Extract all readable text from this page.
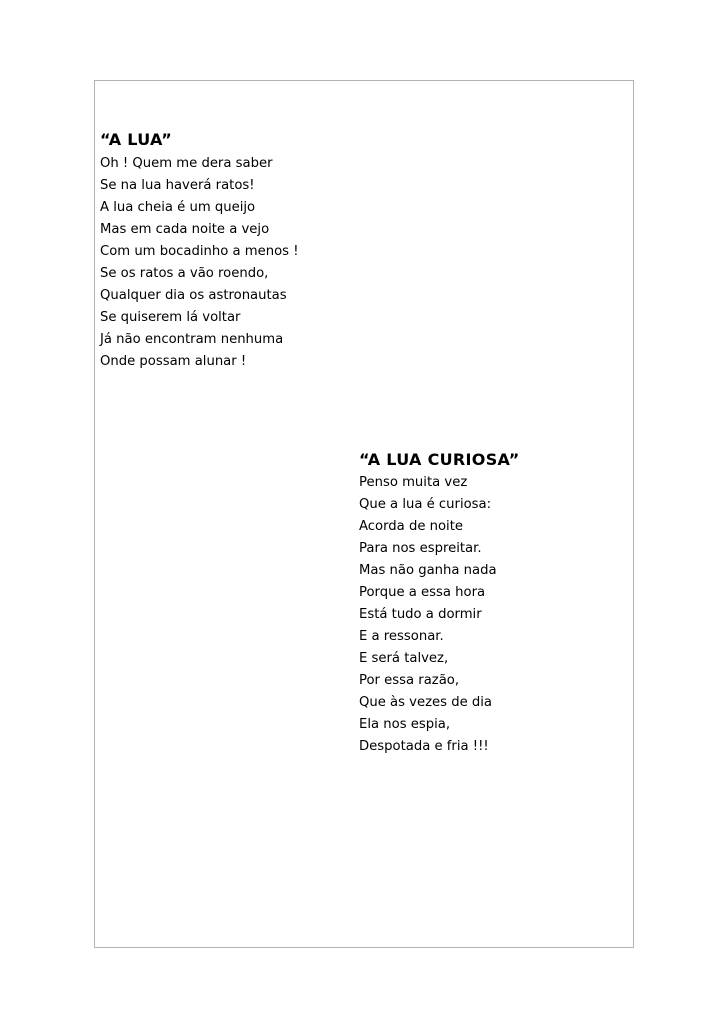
“A LUA”
Oh ! Quem me dera saber
Se na lua haverá ratos!
A lua cheia é um queijo
Mas em cada noite a vejo
Com um bocadinho a menos !
Se os ratos a vão roendo,
Qualquer dia os astronautas
Se quiserem lá voltar
Já não encontram nenhuma
Onde possam alunar !
“A LUA CURIOSA”
Penso muita vez
Que a lua é curiosa:
Acorda de noite
Para nos espreitar.
Mas não ganha nada
Porque a essa hora
Está tudo a dormir
E a ressonar.
E será talvez,
Por essa razão,
Que às vezes de dia
Ela nos espia,
Despotada e fria !!!
